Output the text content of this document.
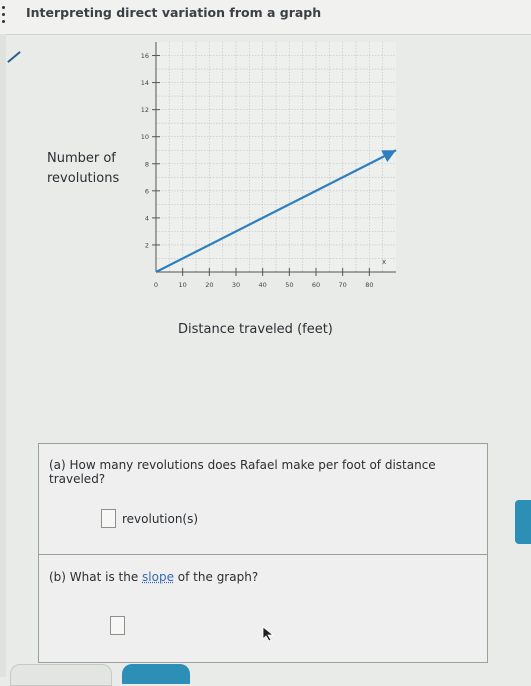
Interpreting direct variation from a graph
Number of
revolutions
0	10	20	30	40	50	60	70	80
2
4
6
8
10
12
14
16
x
Distance traveled (feet)
(a) How many revolutions does Rafael make per foot of distance traveled?
revolution(s)
(b) What is the slope of the graph?
